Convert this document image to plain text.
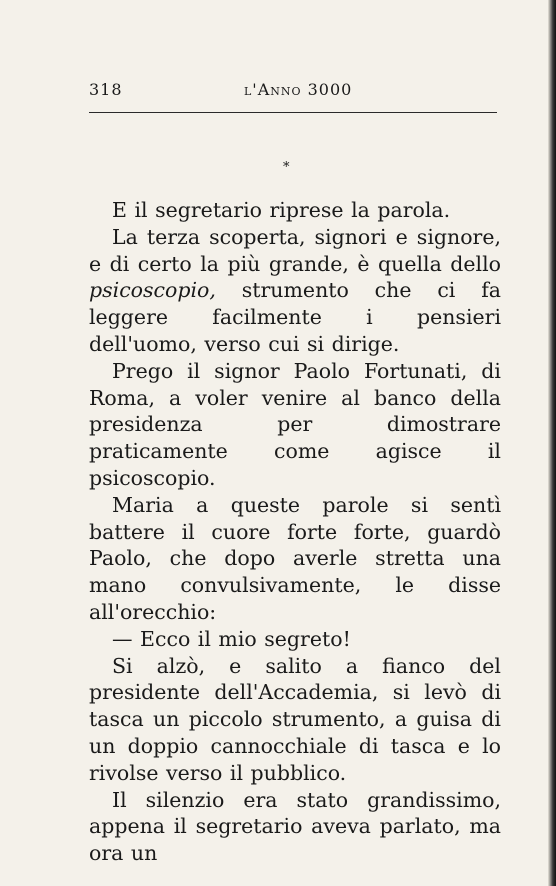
318	l'Anno 3000
*

E il segretario riprese la parola.

La terza scoperta, signori e signore, e di certo la più grande, è quella dello psicoscopio, strumento che ci fa leggere facilmente i pensieri dell'uomo, verso cui si dirige.

Prego il signor Paolo Fortunati, di Roma, a voler venire al banco della presidenza per dimostrare praticamente come agisce il psicoscopio.

Maria a queste parole si sentì battere il cuore forte forte, guardò Paolo, che dopo averle stretta una mano convulsivamente, le disse all'orecchio:

— Ecco il mio segreto!

Si alzò, e salito a fianco del presidente dell'Accademia, si levò di tasca un piccolo strumento, a guisa di un doppio cannocchiale di tasca e lo rivolse verso il pubblico.

Il silenzio era stato grandissimo, appena il segretario aveva parlato, ma ora un
